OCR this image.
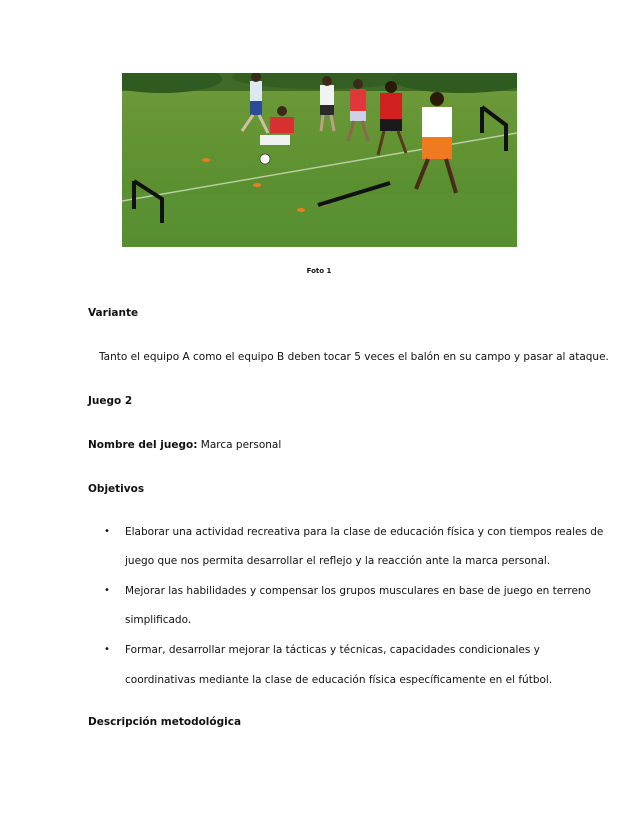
Foto 1
Variante
Tanto el equipo A como el equipo B deben tocar 5 veces el balón en su campo y pasar al ataque.
Juego 2
Nombre del juego: Marca personal
Objetivos
• Elaborar una actividad recreativa para la clase de educación física y con tiempos reales de
juego que nos permita desarrollar el reflejo y la reacción ante la marca personal.
• Mejorar las habilidades y compensar los grupos musculares en base de juego en terreno
simplificado.
• Formar, desarrollar mejorar la tácticas y técnicas, capacidades condicionales y
coordinativas mediante la clase de educación física específicamente en el fútbol.
Descripción metodológica
